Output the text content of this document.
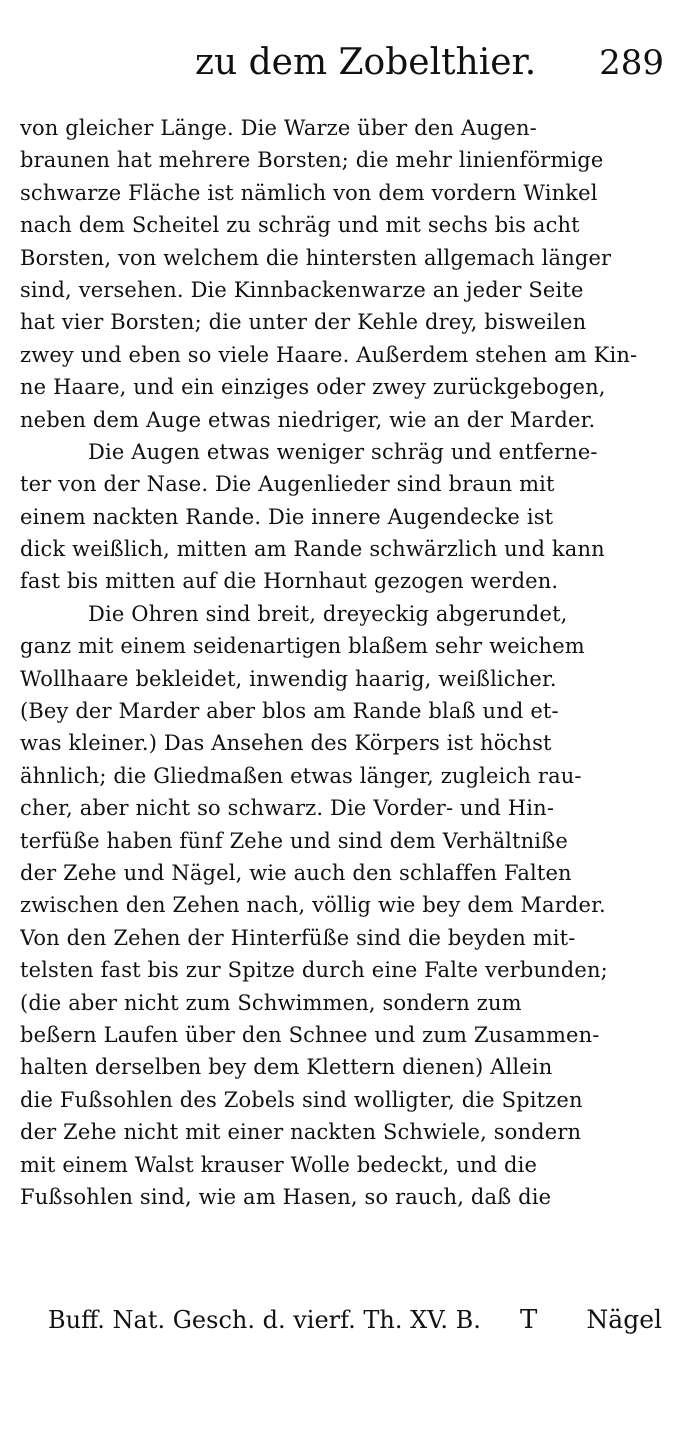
zu dem Zobelthier. 289
von gleicher Länge. Die Warze über den Augen-
braunen hat mehrere Borsten; die mehr linienförmige
schwarze Fläche ist nämlich von dem vordern Winkel
nach dem Scheitel zu schräg und mit sechs bis acht
Borsten, von welchem die hintersten allgemach länger
sind, versehen. Die Kinnbackenwarze an jeder Seite
hat vier Borsten; die unter der Kehle drey, bisweilen
zwey und eben so viele Haare. Außerdem stehen am Kin-
ne Haare, und ein einziges oder zwey zurückgebogen,
neben dem Auge etwas niedriger, wie an der Marder.
Die Augen etwas weniger schräg und entferne-
ter von der Nase. Die Augenlieder sind braun mit
einem nackten Rande. Die innere Augendecke ist
dick weißlich, mitten am Rande schwärzlich und kann
fast bis mitten auf die Hornhaut gezogen werden.
Die Ohren sind breit, dreyeckig abgerundet,
ganz mit einem seidenartigen blaßem sehr weichem
Wollhaare bekleidet, inwendig haarig, weißlicher.
(Bey der Marder aber blos am Rande blaß und et-
was kleiner.) Das Ansehen des Körpers ist höchst
ähnlich; die Gliedmaßen etwas länger, zugleich rau-
cher, aber nicht so schwarz. Die Vorder- und Hin-
terfüße haben fünf Zehe und sind dem Verhältniße
der Zehe und Nägel, wie auch den schlaffen Falten
zwischen den Zehen nach, völlig wie bey dem Marder.
Von den Zehen der Hinterfüße sind die beyden mit-
telsten fast bis zur Spitze durch eine Falte verbunden;
(die aber nicht zum Schwimmen, sondern zum
beßern Laufen über den Schnee und zum Zusammen-
halten derselben bey dem Klettern dienen) Allein
die Fußsohlen des Zobels sind wolligter, die Spitzen
der Zehe nicht mit einer nackten Schwiele, sondern
mit einem Walst krauser Wolle bedeckt, und die
Fußsohlen sind, wie am Hasen, so rauch, daß die
Buff. Nat. Gesch. d. vierf. Th. XV. B. T Nägel
